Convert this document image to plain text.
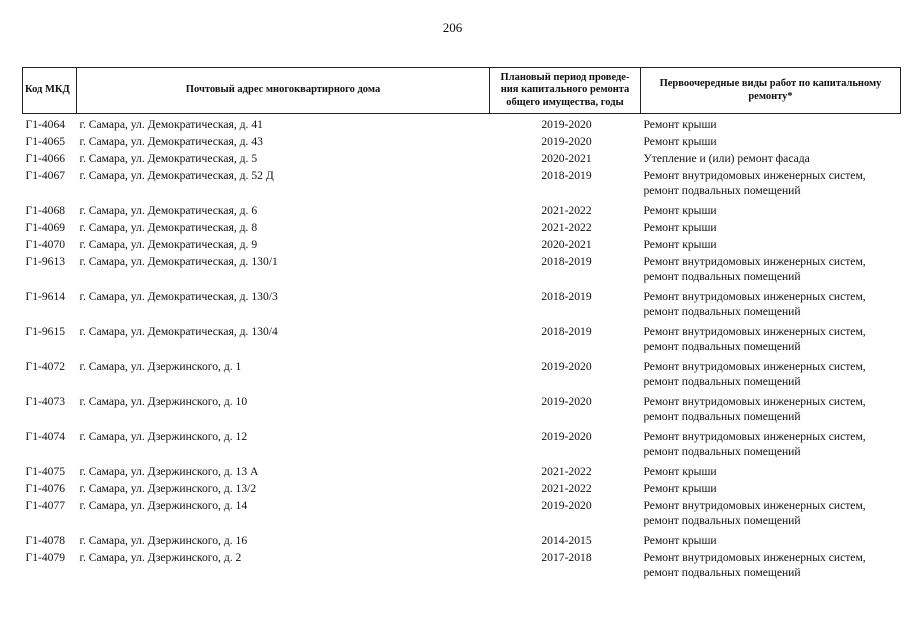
206
Код МКД	Почтовый адрес многоквартирного дома	Плановый период проведе-
ния капитального ремонта
общего имущества, годы	Первоочередные виды работ по капитальному
ремонту*
Г1-4064	г. Самара, ул. Демократическая, д. 41	2019-2020	Ремонт крыши

Г1-4065	г. Самара, ул. Демократическая, д. 43	2019-2020	Ремонт крыши

Г1-4066	г. Самара, ул. Демократическая, д. 5	2020-2021	Утепление и (или) ремонт фасада

Г1-4067	г. Самара, ул. Демократическая, д. 52 Д	2018-2019	Ремонт внутридомовых инженерных систем,
ремонт подвальных помещений

Г1-4068	г. Самара, ул. Демократическая, д. 6	2021-2022	Ремонт крыши

Г1-4069	г. Самара, ул. Демократическая, д. 8	2021-2022	Ремонт крыши

Г1-4070	г. Самара, ул. Демократическая, д. 9	2020-2021	Ремонт крыши

Г1-9613	г. Самара, ул. Демократическая, д. 130/1	2018-2019	Ремонт внутридомовых инженерных систем,
ремонт подвальных помещений

Г1-9614	г. Самара, ул. Демократическая, д. 130/3	2018-2019	Ремонт внутридомовых инженерных систем,
ремонт подвальных помещений

Г1-9615	г. Самара, ул. Демократическая, д. 130/4	2018-2019	Ремонт внутридомовых инженерных систем,
ремонт подвальных помещений

Г1-4072	г. Самара, ул. Дзержинского, д. 1	2019-2020	Ремонт внутридомовых инженерных систем,
ремонт подвальных помещений

Г1-4073	г. Самара, ул. Дзержинского, д. 10	2019-2020	Ремонт внутридомовых инженерных систем,
ремонт подвальных помещений

Г1-4074	г. Самара, ул. Дзержинского, д. 12	2019-2020	Ремонт внутридомовых инженерных систем,
ремонт подвальных помещений

Г1-4075	г. Самара, ул. Дзержинского, д. 13 А	2021-2022	Ремонт крыши

Г1-4076	г. Самара, ул. Дзержинского, д. 13/2	2021-2022	Ремонт крыши

Г1-4077	г. Самара, ул. Дзержинского, д. 14	2019-2020	Ремонт внутридомовых инженерных систем,
ремонт подвальных помещений

Г1-4078	г. Самара, ул. Дзержинского, д. 16	2014-2015	Ремонт крыши

Г1-4079	г. Самара, ул. Дзержинского, д. 2	2017-2018	Ремонт внутридомовых инженерных систем,
ремонт подвальных помещений
